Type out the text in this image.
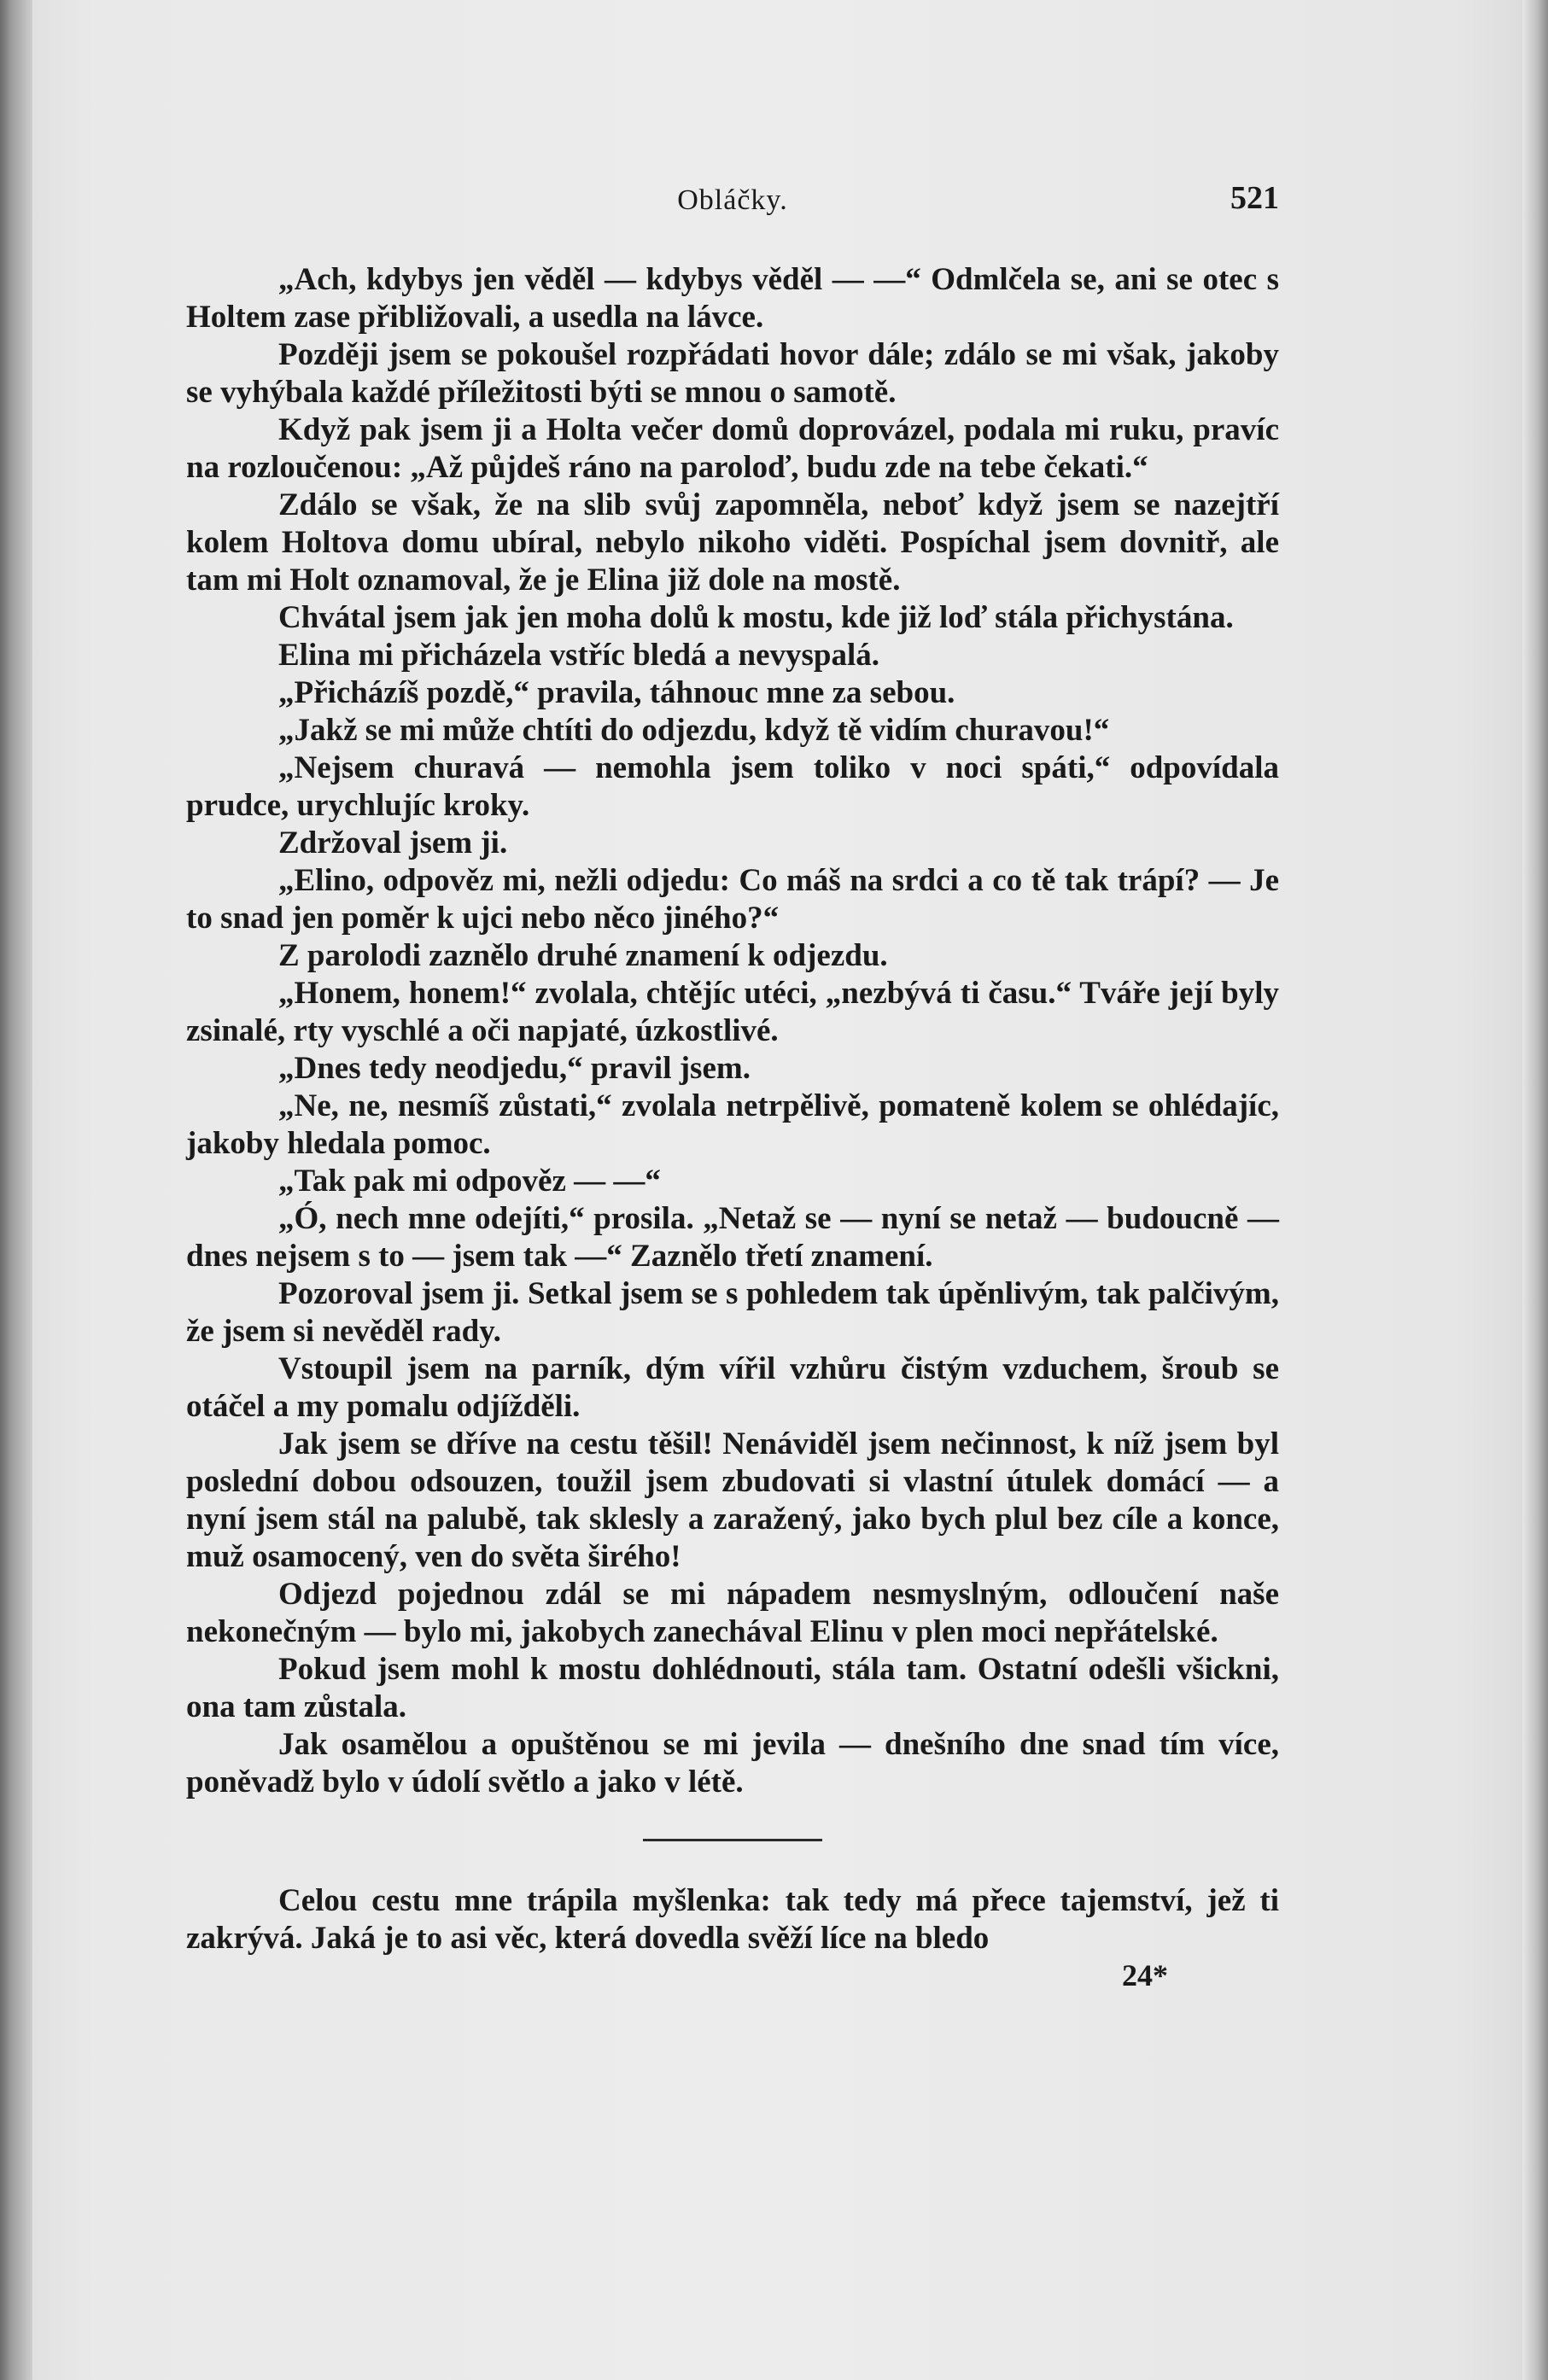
Obláčky.	521

„Ach, kdybys jen věděl — kdybys věděl — —“ Odmlčela se, ani se otec s Holtem zase přibližovali, a usedla na lávce.

Později jsem se pokoušel rozpřádati hovor dále; zdálo se mi však, jakoby se vyhýbala každé příležitosti býti se mnou o samotě.

Když pak jsem ji a Holta večer domů doprovázel, podala mi ruku, pravíc na rozloučenou: „Až půjdeš ráno na paroloď, budu zde na tebe čekati.“

Zdálo se však, že na slib svůj zapomněla, neboť když jsem se nazejtří kolem Holtova domu ubíral, nebylo nikoho viděti. Pospíchal jsem dovnitř, ale tam mi Holt oznamoval, že je Elina již dole na mostě.

Chvátal jsem jak jen moha dolů k mostu, kde již loď stála přichystána.

Elina mi přicházela vstříc bledá a nevyspalá.

„Přicházíš pozdě,“ pravila, táhnouc mne za sebou.

„Jakž se mi může chtíti do odjezdu, když tě vidím churavou!“

„Nejsem churavá — nemohla jsem toliko v noci spáti,“ odpovídala prudce, urychlujíc kroky.

Zdržoval jsem ji.

„Elino, odpověz mi, nežli odjedu: Co máš na srdci a co tě tak trápí? — Je to snad jen poměr k ujci nebo něco jiného?“

Z parolodi zaznělo druhé znamení k odjezdu.

„Honem, honem!“ zvolala, chtějíc utéci, „nezbývá ti času.“ Tváře její byly zsinalé, rty vyschlé a oči napjaté, úzkostlivé.

„Dnes tedy neodjedu,“ pravil jsem.

„Ne, ne, nesmíš zůstati,“ zvolala netrpělivě, pomateně kolem se ohlédajíc, jakoby hledala pomoc.

„Tak pak mi odpověz — —“

„Ó, nech mne odejíti,“ prosila. „Netaž se — nyní se netaž — budoucně — dnes nejsem s to — jsem tak —“ Zaznělo třetí znamení.

Pozoroval jsem ji. Setkal jsem se s pohledem tak úpěnlivým, tak palčivým, že jsem si nevěděl rady.

Vstoupil jsem na parník, dým vířil vzhůru čistým vzduchem, šroub se otáčel a my pomalu odjížděli.

Jak jsem se dříve na cestu těšil! Nenáviděl jsem nečinnost, k níž jsem byl poslední dobou odsouzen, toužil jsem zbudovati si vlastní útulek domácí — a nyní jsem stál na palubě, tak sklesly a zaražený, jako bych plul bez cíle a konce, muž osamocený, ven do světa širého!

Odjezd pojednou zdál se mi nápadem nesmyslným, odloučení naše nekonečným — bylo mi, jakobych zanechával Elinu v plen moci nepřátelské.

Pokud jsem mohl k mostu dohlédnouti, stála tam. Ostatní odešli všickni, ona tam zůstala.

Jak osamělou a opuštěnou se mi jevila — dnešního dne snad tím více, poněvadž bylo v údolí světlo a jako v létě.

Celou cestu mne trápila myšlenka: tak tedy má přece tajemství, jež ti zakrývá. Jaká je to asi věc, která dovedla svěží líce na bledo

24*
